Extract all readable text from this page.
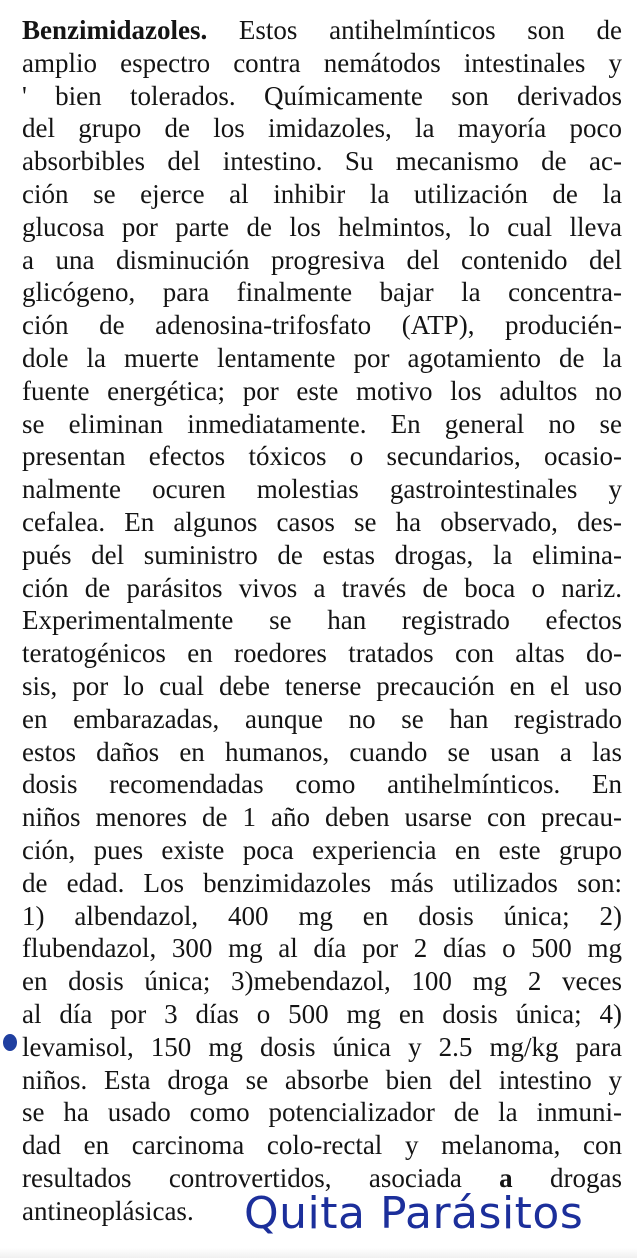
Benzimidazoles. Estos antihelmínticos son de
amplio espectro contra nemátodos intestinales y
' bien tolerados. Químicamente son derivados
del grupo de los imidazoles, la mayoría poco
absorbibles del intestino. Su mecanismo de ac-
ción se ejerce al inhibir la utilización de la
glucosa por parte de los helmintos, lo cual lleva
a una disminución progresiva del contenido del
glicógeno, para finalmente bajar la concentra-
ción de adenosina-trifosfato (ATP), producién-
dole la muerte lentamente por agotamiento de la
fuente energética; por este motivo los adultos no
se eliminan inmediatamente. En general no se
presentan efectos tóxicos o secundarios, ocasio-
nalmente ocuren molestias gastrointestinales y
cefalea. En algunos casos se ha observado, des-
pués del suministro de estas drogas, la elimina-
ción de parásitos vivos a través de boca o nariz.
Experimentalmente se han registrado efectos
teratogénicos en roedores tratados con altas do-
sis, por lo cual debe tenerse precaución en el uso
en embarazadas, aunque no se han registrado
estos daños en humanos, cuando se usan a las
dosis recomendadas como antihelmínticos. En
niños menores de 1 año deben usarse con precau-
ción, pues existe poca experiencia en este grupo
de edad. Los benzimidazoles más utilizados son:
1) albendazol, 400 mg en dosis única; 2)
flubendazol, 300 mg al día por 2 días o 500 mg
en dosis única; 3)mebendazol, 100 mg 2 veces
al día por 3 días o 500 mg en dosis única; 4)
levamisol, 150 mg dosis única y 2.5 mg/kg para
niños. Esta droga se absorbe bien del intestino y
se ha usado como potencializador de la inmuni-
dad en carcinoma colo-rectal y melanoma, con
resultados controvertidos, asociada a drogas
antineoplásicas.	Quita Parásitos
